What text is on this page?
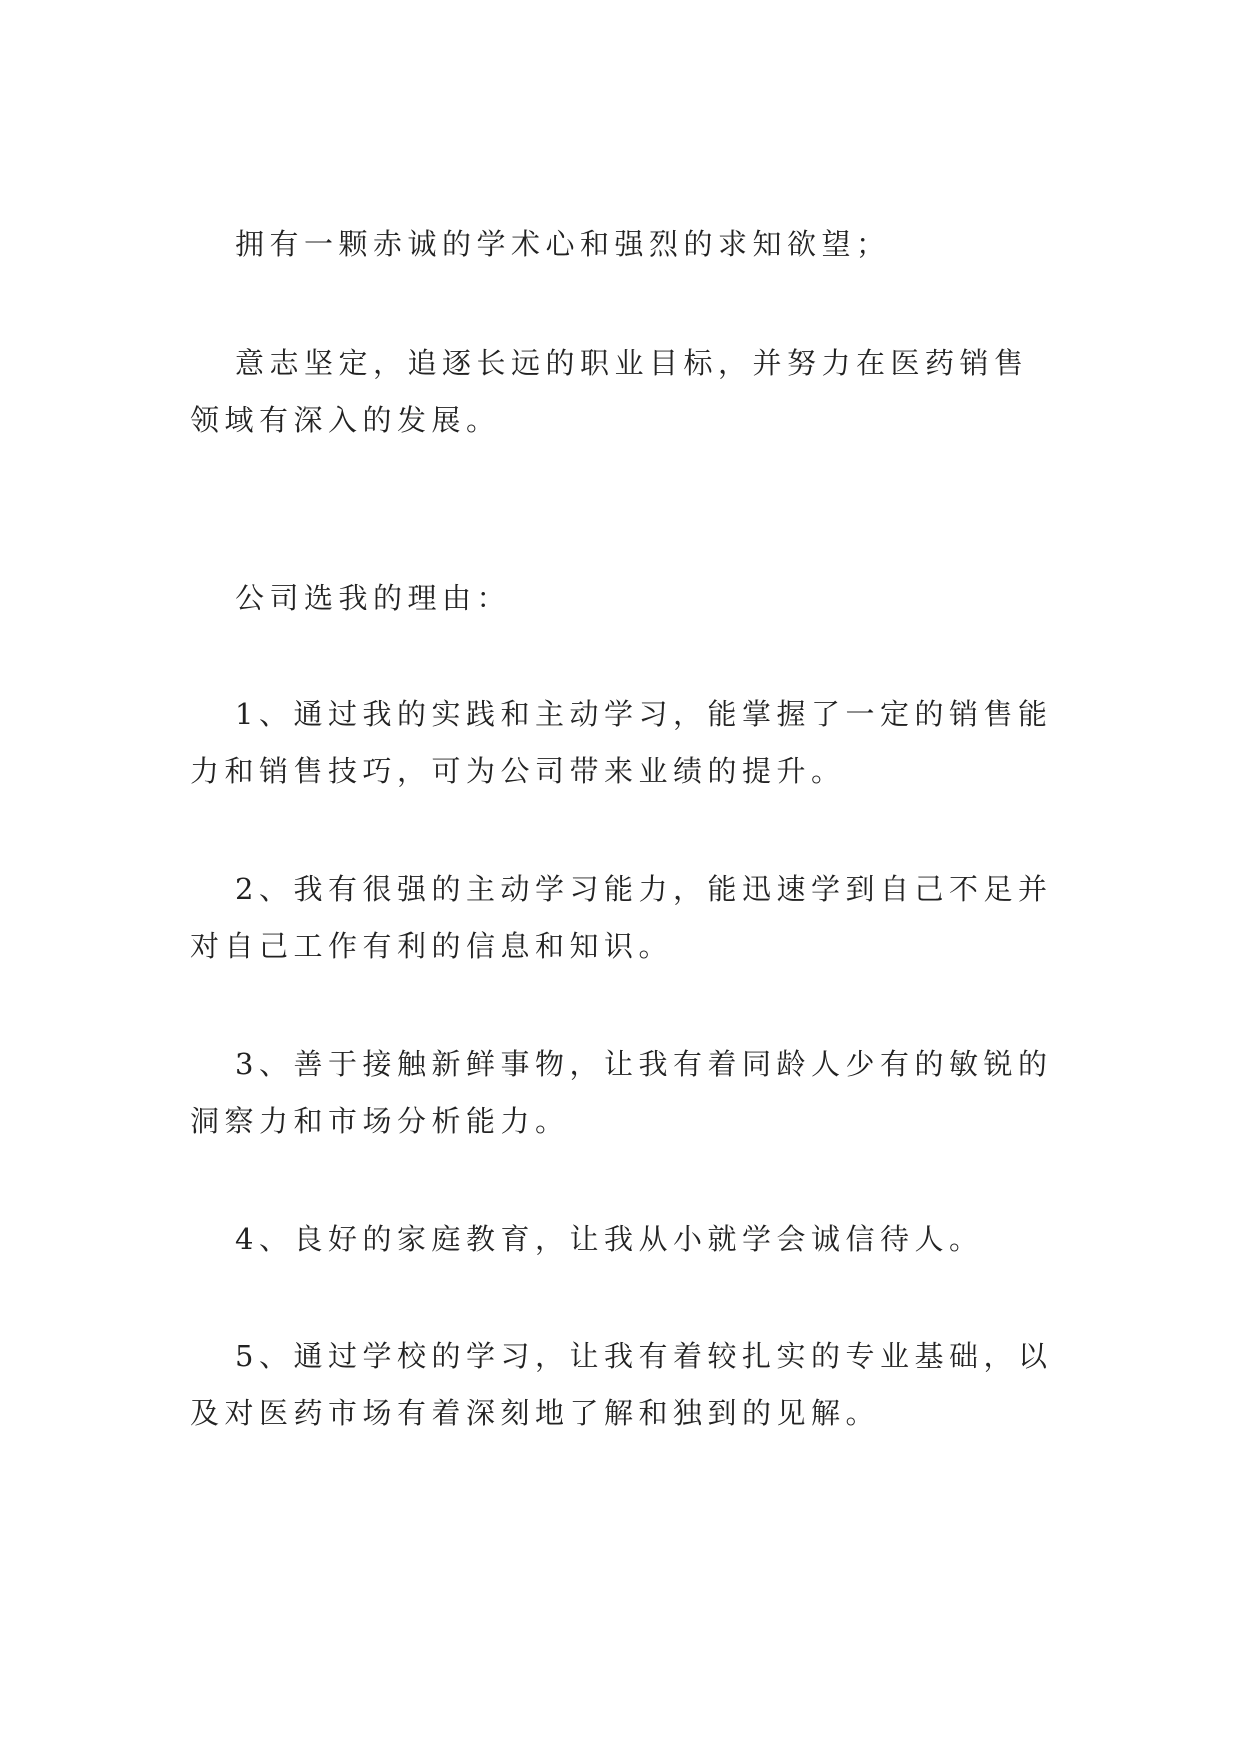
拥有一颗赤诚的学术心和强烈的求知欲望；

意志坚定，追逐长远的职业目标，并努力在医药销售领域有深入的发展。

公司选我的理由：

1、通过我的实践和主动学习，能掌握了一定的销售能力和销售技巧，可为公司带来业绩的提升。

2、我有很强的主动学习能力，能迅速学到自己不足并对自己工作有利的信息和知识。

3、善于接触新鲜事物，让我有着同龄人少有的敏锐的洞察力和市场分析能力。

4、良好的家庭教育，让我从小就学会诚信待人。

5、通过学校的学习，让我有着较扎实的专业基础，以及对医药市场有着深刻地了解和独到的见解。
